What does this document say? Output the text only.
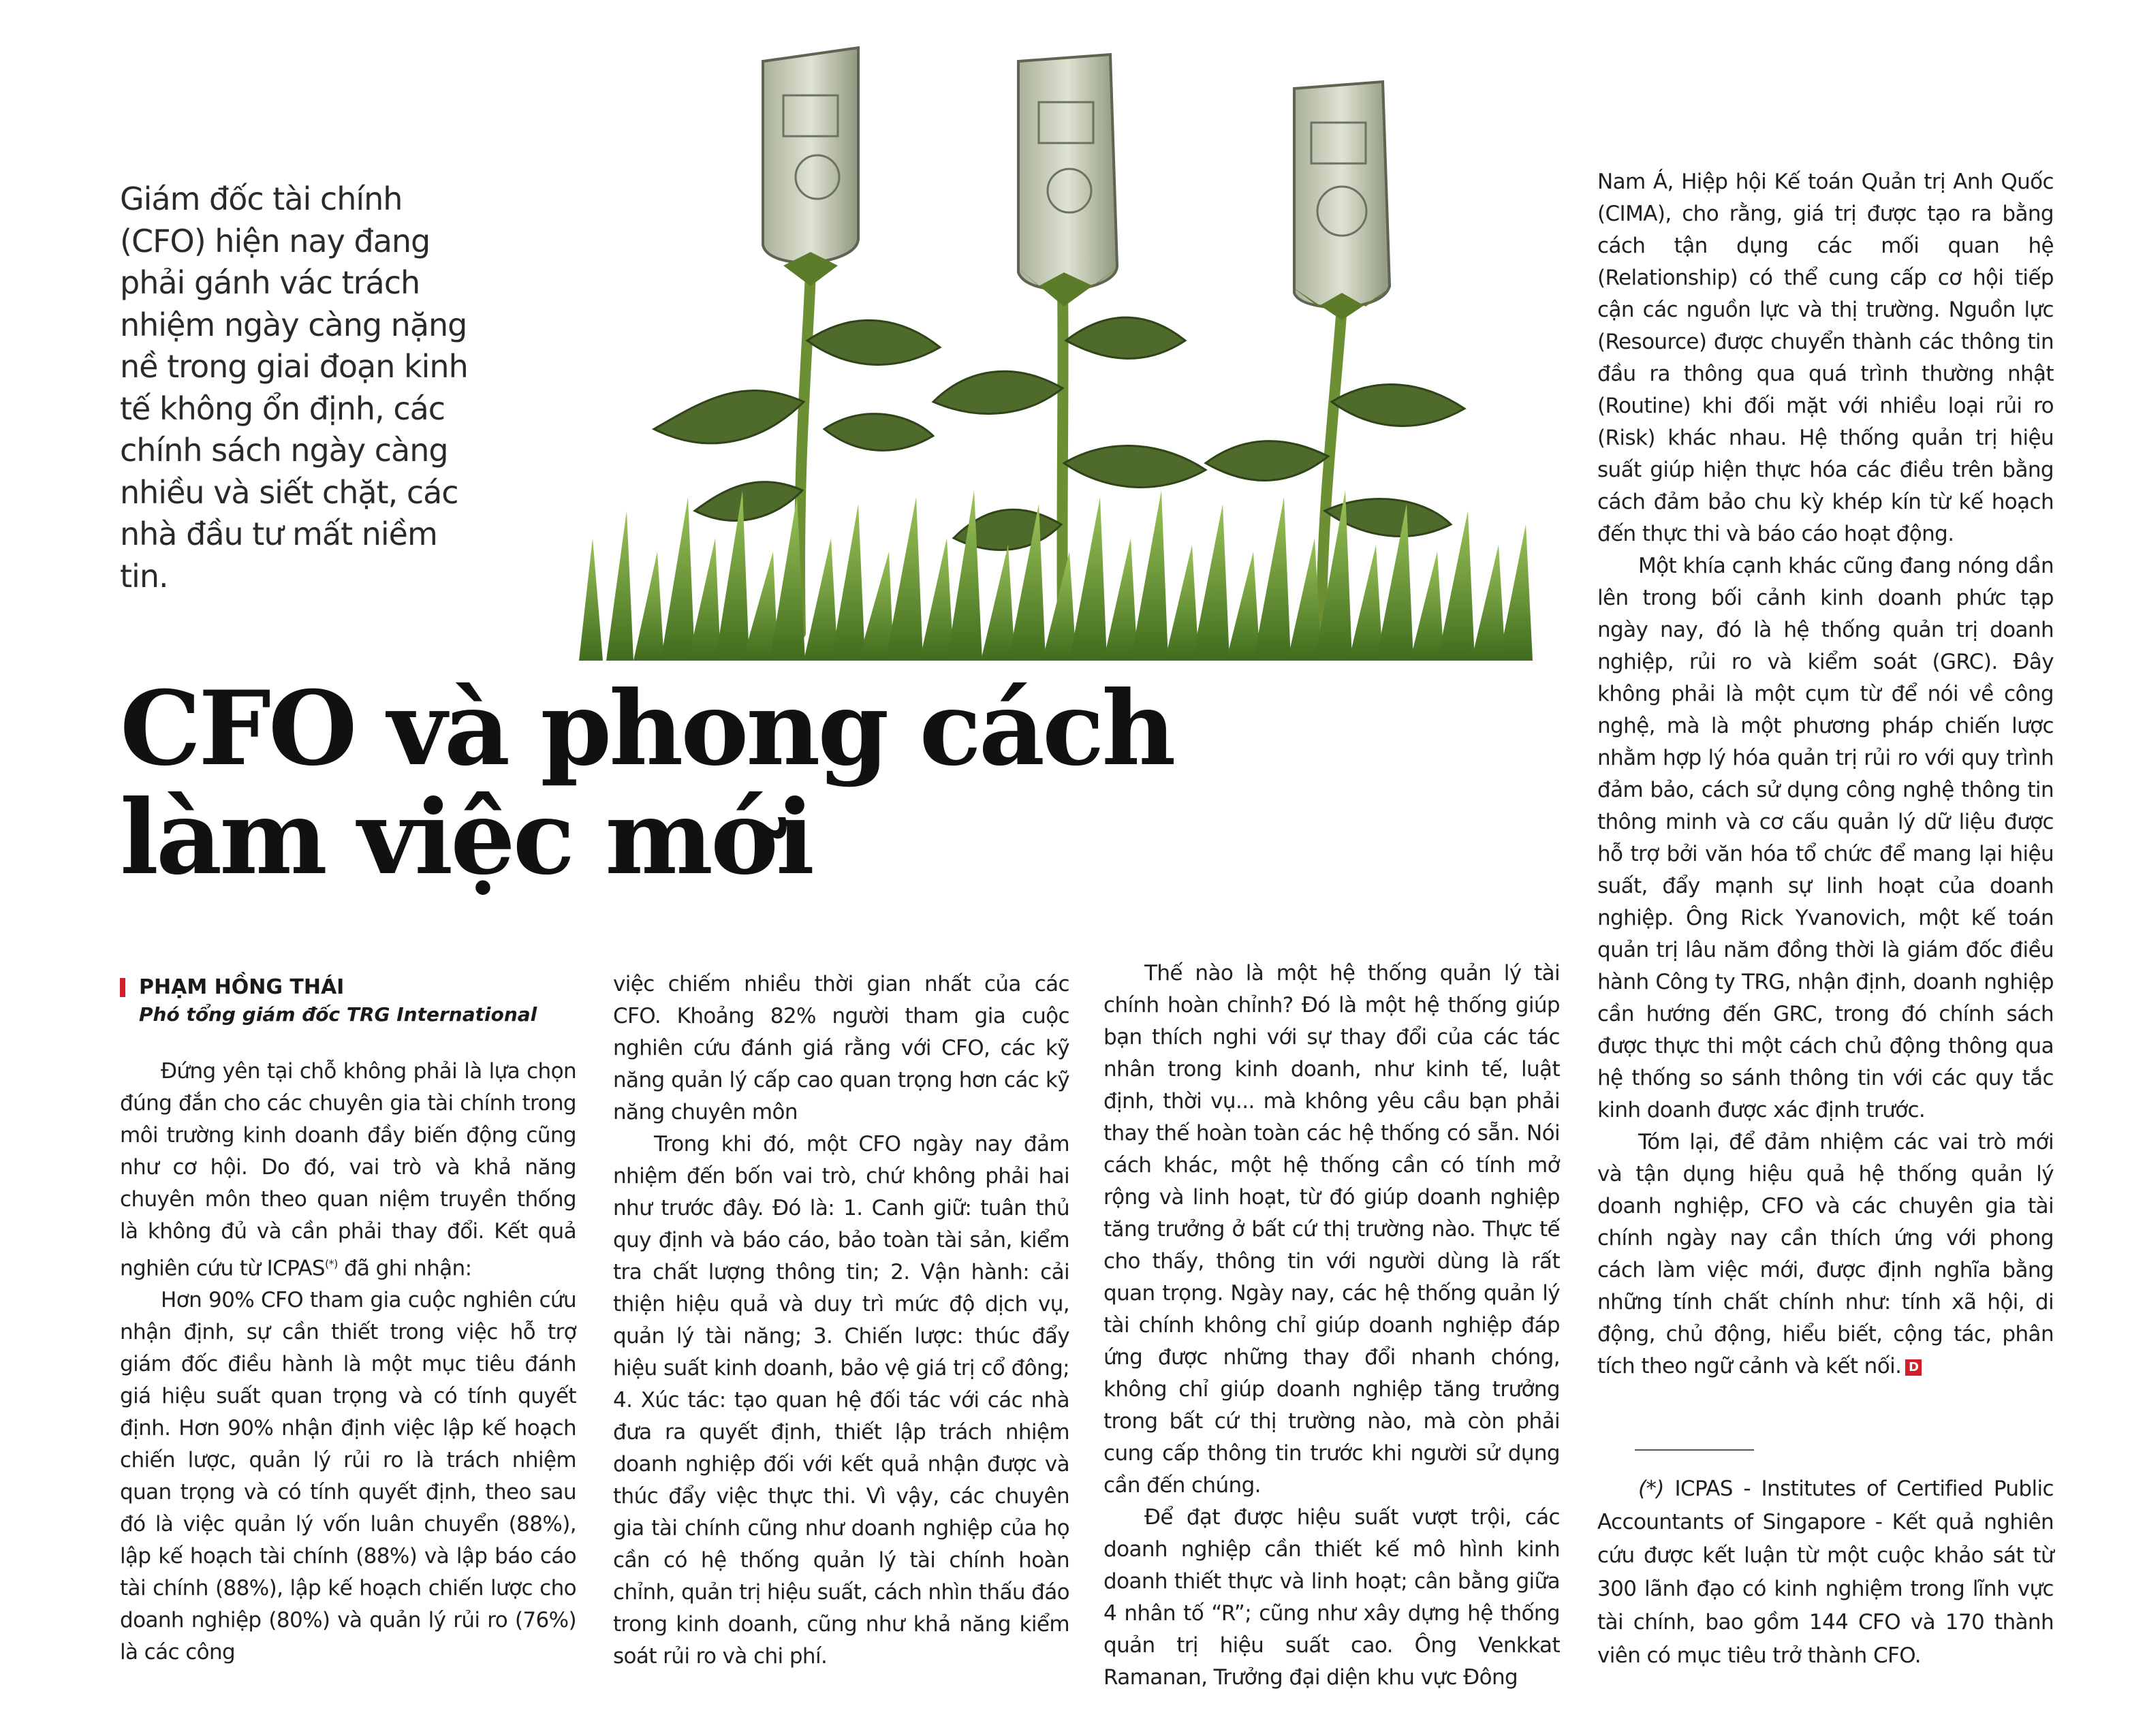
Giám đốc tài chính (CFO) hiện nay đang phải gánh vác trách nhiệm ngày càng nặng nề trong giai đoạn kinh tế không ổn định, các chính sách ngày càng nhiều và siết chặt, các nhà đầu tư mất niềm tin.
CFO và phong cách
làm việc mới
PHẠM HỒNG THÁI
Phó tổng giám đốc TRG International

Đứng yên tại chỗ không phải là lựa chọn đúng đắn cho các chuyên gia tài chính trong môi trường kinh doanh đầy biến động cũng như cơ hội. Do đó, vai trò và khả năng chuyên môn theo quan niệm truyền thống là không đủ và cần phải thay đổi. Kết quả nghiên cứu từ ICPAS(*) đã ghi nhận:

Hơn 90% CFO tham gia cuộc nghiên cứu nhận định, sự cần thiết trong việc hỗ trợ giám đốc điều hành là một mục tiêu đánh giá hiệu suất quan trọng và có tính quyết định. Hơn 90% nhận định việc lập kế hoạch chiến lược, quản lý rủi ro là trách nhiệm quan trọng và có tính quyết định, theo sau đó là việc quản lý vốn luân chuyển (88%), lập kế hoạch tài chính (88%) và lập báo cáo tài chính (88%), lập kế hoạch chiến lược cho doanh nghiệp (80%) và quản lý rủi ro (76%) là các công

việc chiếm nhiều thời gian nhất của các CFO. Khoảng 82% người tham gia cuộc nghiên cứu đánh giá rằng với CFO, các kỹ năng quản lý cấp cao quan trọng hơn các kỹ năng chuyên môn

Trong khi đó, một CFO ngày nay đảm nhiệm đến bốn vai trò, chứ không phải hai như trước đây. Đó là: 1. Canh giữ: tuân thủ quy định và báo cáo, bảo toàn tài sản, kiểm tra chất lượng thông tin; 2. Vận hành: cải thiện hiệu quả và duy trì mức độ dịch vụ, quản lý tài năng; 3. Chiến lược: thúc đẩy hiệu suất kinh doanh, bảo vệ giá trị cổ đông; 4. Xúc tác: tạo quan hệ đối tác với các nhà đưa ra quyết định, thiết lập trách nhiệm doanh nghiệp đối với kết quả nhận được và thúc đẩy việc thực thi. Vì vậy, các chuyên gia tài chính cũng như doanh nghiệp của họ cần có hệ thống quản lý tài chính hoàn chỉnh, quản trị hiệu suất, cách nhìn thấu đáo trong kinh doanh, cũng như khả năng kiểm soát rủi ro và chi phí.

Thế nào là một hệ thống quản lý tài chính hoàn chỉnh? Đó là một hệ thống giúp bạn thích nghi với sự thay đổi của các tác nhân trong kinh doanh, như kinh tế, luật định, thời vụ... mà không yêu cầu bạn phải thay thế hoàn toàn các hệ thống có sẵn. Nói cách khác, một hệ thống cần có tính mở rộng và linh hoạt, từ đó giúp doanh nghiệp tăng trưởng ở bất cứ thị trường nào. Thực tế cho thấy, thông tin với người dùng là rất quan trọng. Ngày nay, các hệ thống quản lý tài chính không chỉ giúp doanh nghiệp đáp ứng được những thay đổi nhanh chóng, không chỉ giúp doanh nghiệp tăng trưởng trong bất cứ thị trường nào, mà còn phải cung cấp thông tin trước khi người sử dụng cần đến chúng.

Để đạt được hiệu suất vượt trội, các doanh nghiệp cần thiết kế mô hình kinh doanh thiết thực và linh hoạt; cân bằng giữa 4 nhân tố “R”; cũng như xây dựng hệ thống quản trị hiệu suất cao. Ông Venkkat Ramanan, Trưởng đại diện khu vực Đông

Nam Á, Hiệp hội Kế toán Quản trị Anh Quốc (CIMA), cho rằng, giá trị được tạo ra bằng cách tận dụng các mối quan hệ (Relationship) có thể cung cấp cơ hội tiếp cận các nguồn lực và thị trường. Nguồn lực (Resource) được chuyển thành các thông tin đầu ra thông qua quá trình thường nhật (Routine) khi đối mặt với nhiều loại rủi ro (Risk) khác nhau. Hệ thống quản trị hiệu suất giúp hiện thực hóa các điều trên bằng cách đảm bảo chu kỳ khép kín từ kế hoạch đến thực thi và báo cáo hoạt động.

Một khía cạnh khác cũng đang nóng dần lên trong bối cảnh kinh doanh phức tạp ngày nay, đó là hệ thống quản trị doanh nghiệp, rủi ro và kiểm soát (GRC). Đây không phải là một cụm từ để nói về công nghệ, mà là một phương pháp chiến lược nhằm hợp lý hóa quản trị rủi ro với quy trình đảm bảo, cách sử dụng công nghệ thông tin thông minh và cơ cấu quản lý dữ liệu được hỗ trợ bởi văn hóa tổ chức để mang lại hiệu suất, đẩy mạnh sự linh hoạt của doanh nghiệp. Ông Rick Yvanovich, một kế toán quản trị lâu năm đồng thời là giám đốc điều hành Công ty TRG, nhận định, doanh nghiệp cần hướng đến GRC, trong đó chính sách được thực thi một cách chủ động thông qua hệ thống so sánh thông tin với các quy tắc kinh doanh được xác định trước.

Tóm lại, để đảm nhiệm các vai trò mới và tận dụng hiệu quả hệ thống quản lý doanh nghiệp, CFO và các chuyên gia tài chính ngày nay cần thích ứng với phong cách làm việc mới, được định nghĩa bằng những tính chất chính như: tính xã hội, di động, chủ động, hiểu biết, cộng tác, phân tích theo ngữ cảnh và kết nối. D

(*) ICPAS - Institutes of Certified Public Accountants of Singapore - Kết quả nghiên cứu được kết luận từ một cuộc khảo sát từ 300 lãnh đạo có kinh nghiệm trong lĩnh vực tài chính, bao gồm 144 CFO và 170 thành viên có mục tiêu trở thành CFO.
